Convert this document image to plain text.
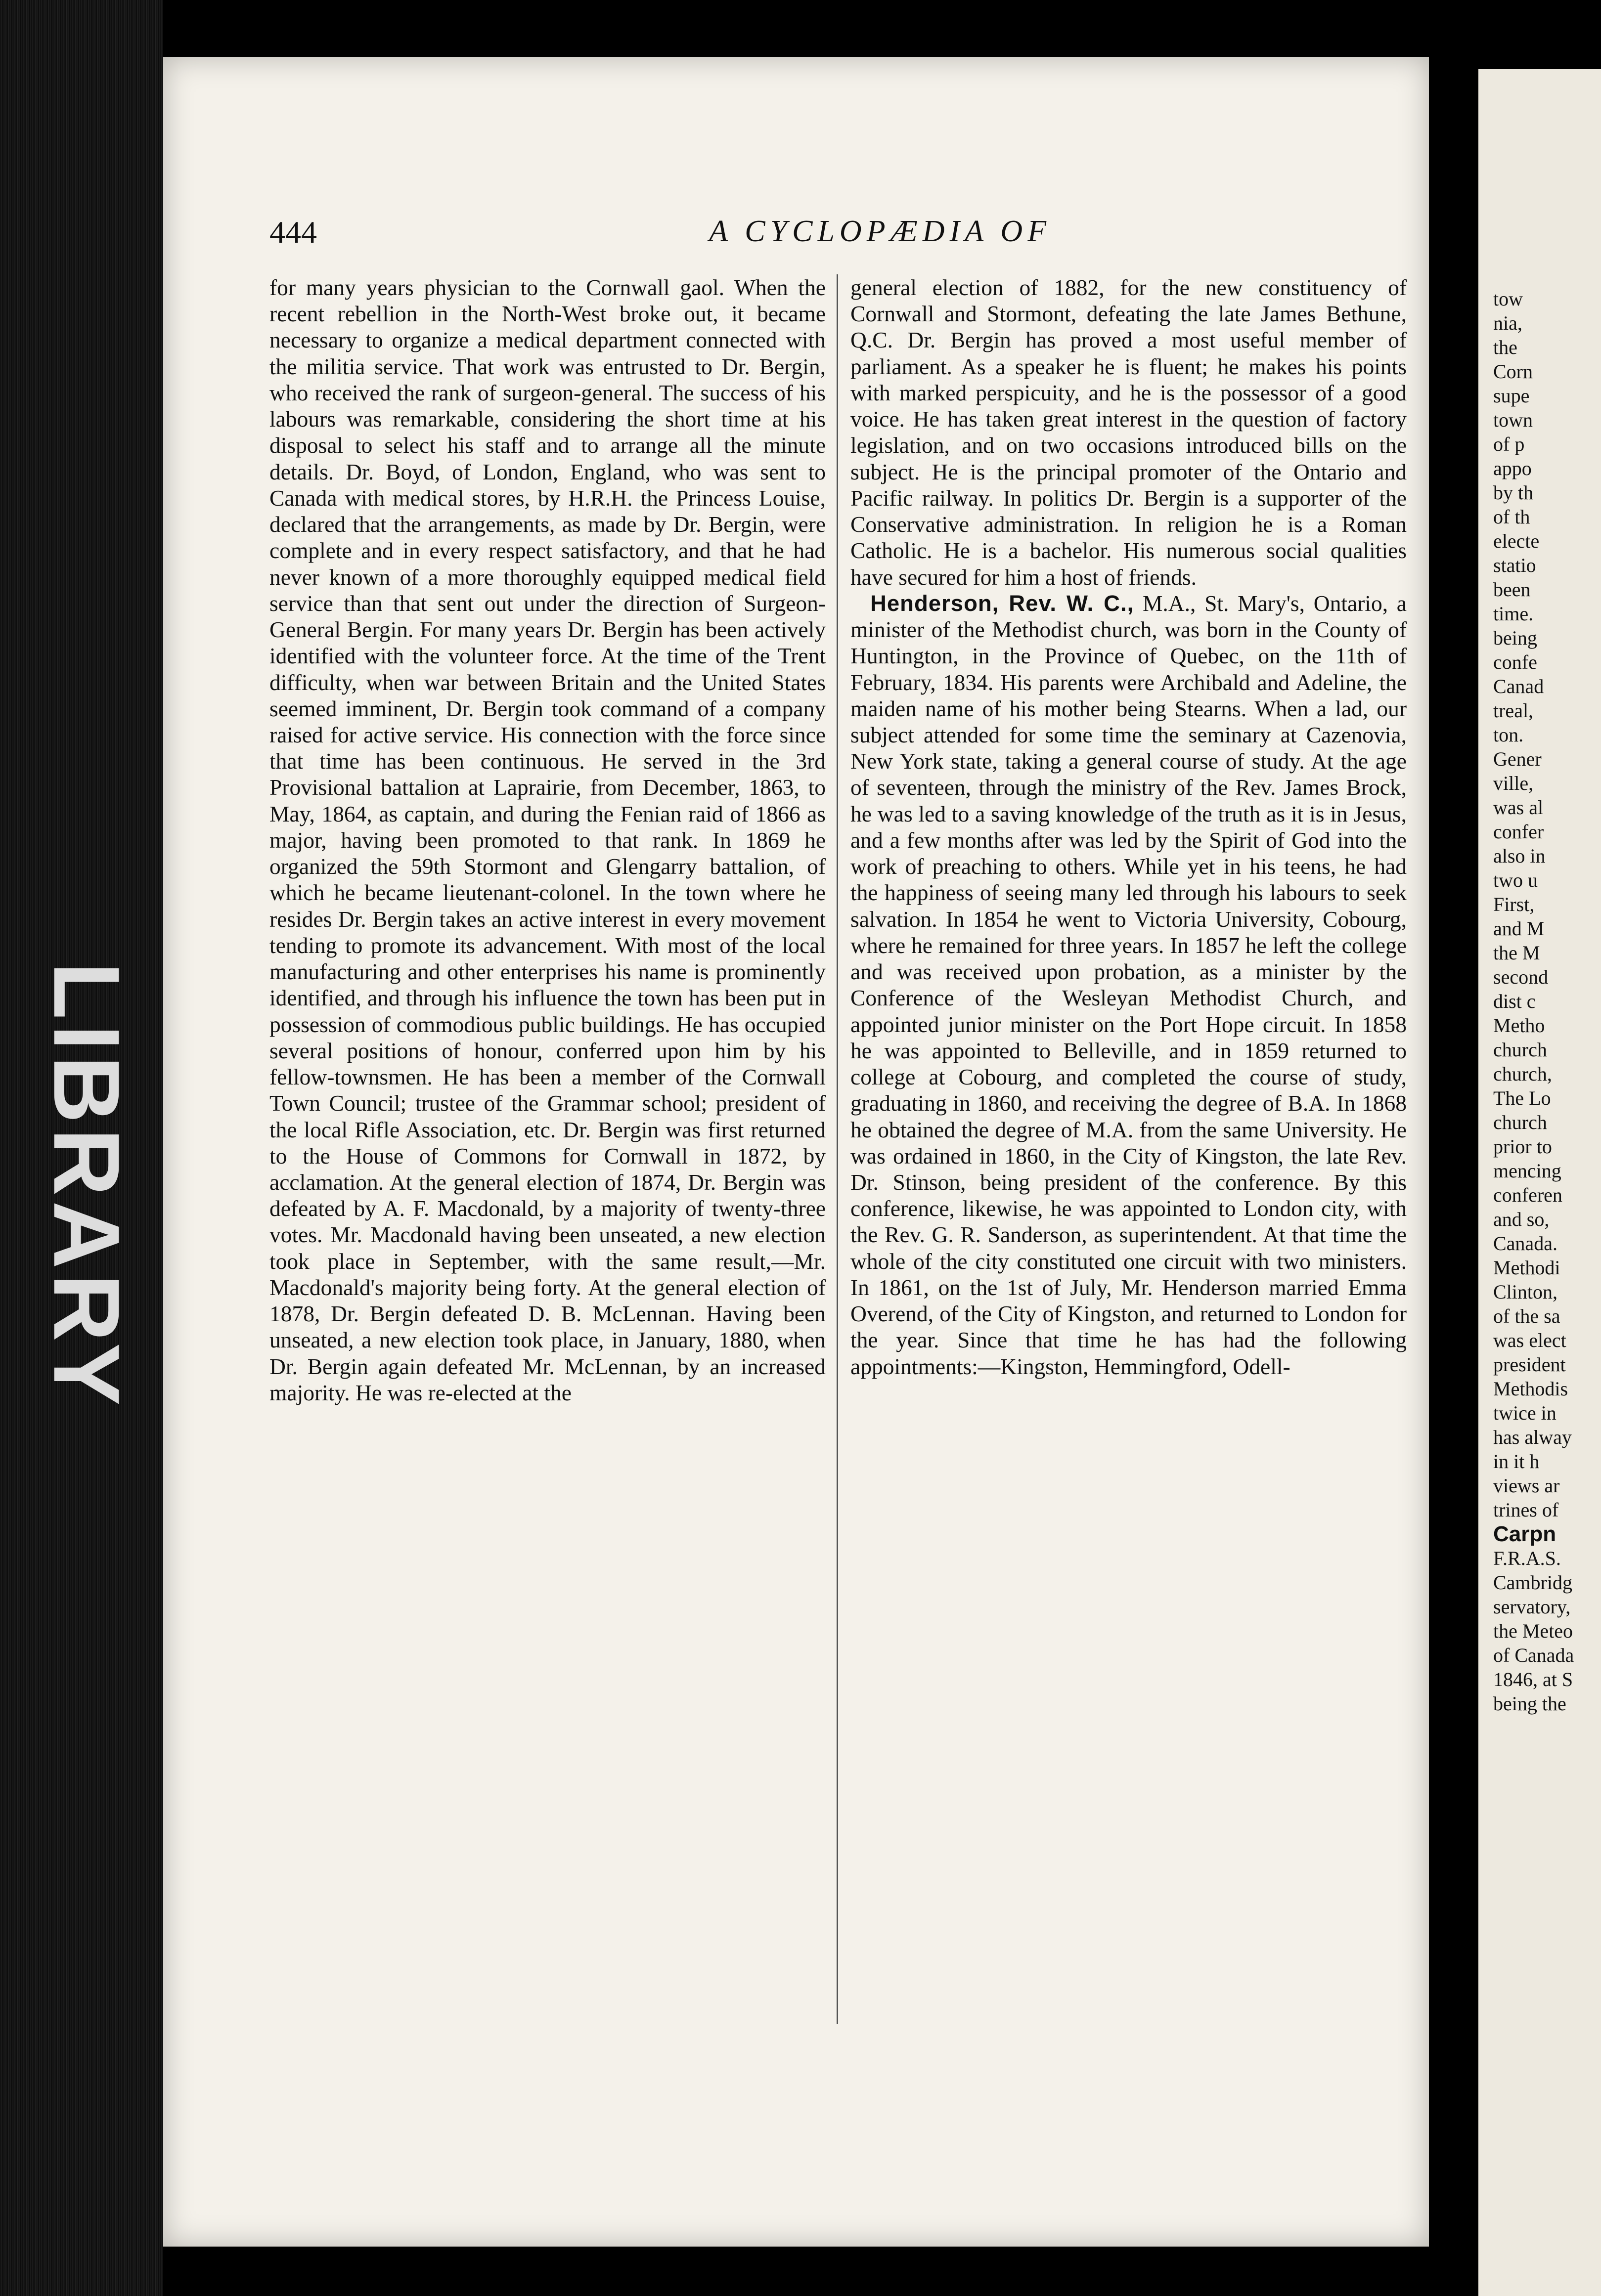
LIBRARY
444	A CYCLOPÆDIA OF

for many years physician to the Cornwall gaol. When the recent rebellion in the North-West broke out, it became necessary to organize a medical department connected with the militia service. That work was entrusted to Dr. Bergin, who received the rank of surgeon-general. The success of his labours was remarkable, considering the short time at his disposal to select his staff and to arrange all the minute details. Dr. Boyd, of London, England, who was sent to Canada with medical stores, by H.R.H. the Princess Louise, declared that the arrangements, as made by Dr. Bergin, were complete and in every respect satisfactory, and that he had never known of a more thoroughly equipped medical field service than that sent out under the direction of Surgeon-General Bergin. For many years Dr. Bergin has been actively identified with the volunteer force. At the time of the Trent difficulty, when war between Britain and the United States seemed imminent, Dr. Bergin took command of a company raised for active service. His connection with the force since that time has been continuous. He served in the 3rd Provisional battalion at Laprairie, from December, 1863, to May, 1864, as captain, and during the Fenian raid of 1866 as major, having been promoted to that rank. In 1869 he organized the 59th Stormont and Glengarry battalion, of which he became lieutenant-colonel. In the town where he resides Dr. Bergin takes an active interest in every movement tending to promote its advancement. With most of the local manufacturing and other enterprises his name is prominently identified, and through his influence the town has been put in possession of commodious public buildings. He has occupied several positions of honour, conferred upon him by his fellow-townsmen. He has been a member of the Cornwall Town Council; trustee of the Grammar school; president of the local Rifle Association, etc. Dr. Bergin was first returned to the House of Commons for Cornwall in 1872, by acclamation. At the general election of 1874, Dr. Bergin was defeated by A. F. Macdonald, by a majority of twenty-three votes. Mr. Macdonald having been unseated, a new election took place in September, with the same result,—Mr. Macdonald's majority being forty. At the general election of 1878, Dr. Bergin defeated D. B. McLennan. Having been unseated, a new election took place, in January, 1880, when Dr. Bergin again defeated Mr. McLennan, by an increased majority. He was re-elected at the

general election of 1882, for the new constituency of Cornwall and Stormont, defeating the late James Bethune, Q.C. Dr. Bergin has proved a most useful member of parliament. As a speaker he is fluent; he makes his points with marked perspicuity, and he is the possessor of a good voice. He has taken great interest in the question of factory legislation, and on two occasions introduced bills on the subject. He is the principal promoter of the Ontario and Pacific railway. In politics Dr. Bergin is a supporter of the Conservative administration. In religion he is a Roman Catholic. He is a bachelor. His numerous social qualities have secured for him a host of friends.

Henderson, Rev. W. C., M.A., St. Mary's, Ontario, a minister of the Methodist church, was born in the County of Huntington, in the Province of Quebec, on the 11th of February, 1834. His parents were Archibald and Adeline, the maiden name of his mother being Stearns. When a lad, our subject attended for some time the seminary at Cazenovia, New York state, taking a general course of study. At the age of seventeen, through the ministry of the Rev. James Brock, he was led to a saving knowledge of the truth as it is in Jesus, and a few months after was led by the Spirit of God into the work of preaching to others. While yet in his teens, he had the happiness of seeing many led through his labours to seek salvation. In 1854 he went to Victoria University, Cobourg, where he remained for three years. In 1857 he left the college and was received upon probation, as a minister by the Conference of the Wesleyan Methodist Church, and appointed junior minister on the Port Hope circuit. In 1858 he was appointed to Belleville, and in 1859 returned to college at Cobourg, and completed the course of study, graduating in 1860, and receiving the degree of B.A. In 1868 he obtained the degree of M.A. from the same University. He was ordained in 1860, in the City of Kingston, the late Rev. Dr. Stinson, being president of the conference. By this conference, likewise, he was appointed to London city, with the Rev. G. R. Sanderson, as superintendent. At that time the whole of the city constituted one circuit with two ministers. In 1861, on the 1st of July, Mr. Henderson married Emma Overend, of the City of Kingston, and returned to London for the year. Since that time he has had the following appointments:—Kingston, Hemmingford, Odell-

tow
nia,
the
Corn
supe
town
of p
appo
by th
of th
electe
statio
been
time.
being
confe
Canad
treal,
ton.
Gener
ville,
was al
confer
also in
two u
First,
and M
the M
second
dist c
Metho
church
church,
The Lo
church
prior to
mencing
conferen
and so,
Canada.
Methodi
Clinton,
of the sa
was elect
president
Methodis
twice in
has alway
in it h
views ar
trines of
Carpn
F.R.A.S.
Cambridg
servatory,
the Meteo
of Canada
1846, at S
being the
